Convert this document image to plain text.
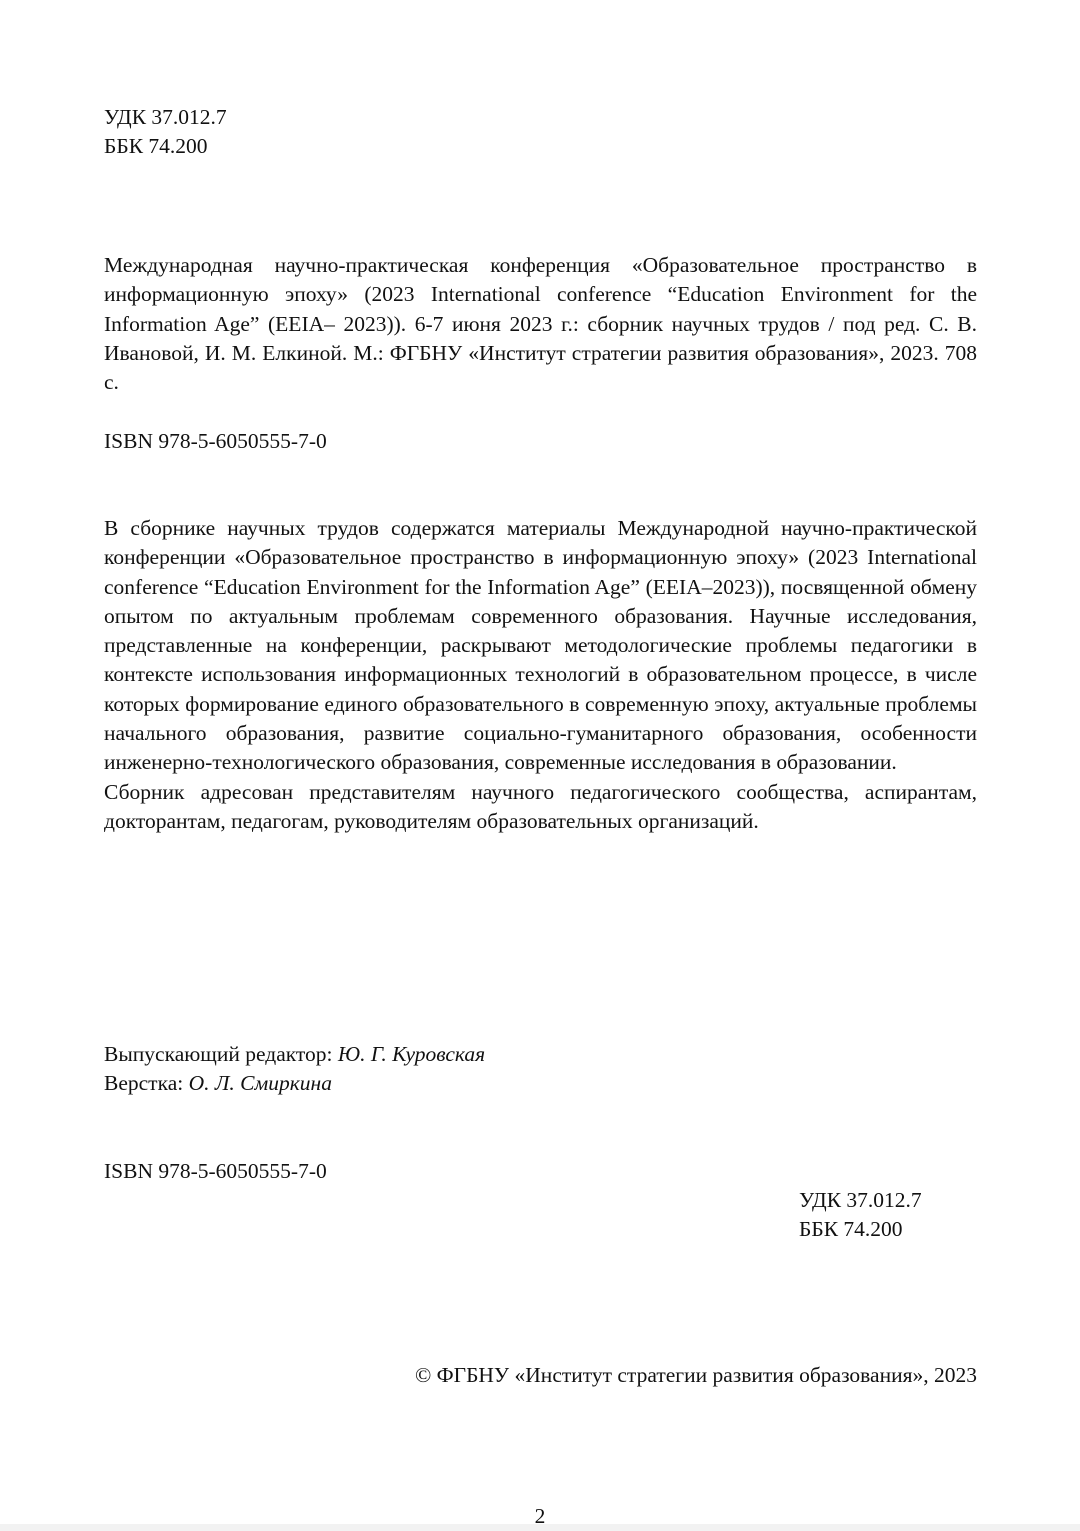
УДК 37.012.7
ББК 74.200

Международная научно-практическая конференция «Образовательное пространство в информационную эпоху» (2023 International conference “Education Environment for the Information Age” (EEIA– 2023)). 6-7 июня 2023 г.: сборник научных трудов / под ред. С. В. Ивановой, И. М. Елкиной. М.: ФГБНУ «Институт стратегии развития образования», 2023. 708 с.

ISBN 978-5-6050555-7-0

В сборнике научных трудов содержатся материалы Международной научно-практической конференции «Образовательное пространство в информационную эпоху» (2023 International conference “Education Environment for the Information Age” (EEIA–2023)), посвященной обмену опытом по актуальным проблемам современного образования. Научные исследования, представленные на конференции, раскрывают методологические проблемы педагогики в контексте использования информационных технологий в образовательном процессе, в числе которых формирование единого образовательного в современную эпоху, актуальные проблемы начального образования, развитие социально-гуманитарного образования, особенности инженерно-технологического образования, современные исследования в образовании.

Сборник адресован представителям научного педагогического сообщества, аспирантам, докторантам, педагогам, руководителям образовательных организаций.

Выпускающий редактор: Ю. Г. Куровская
Верстка: О. Л. Смиркина

ISBN 978-5-6050555-7-0

УДК 37.012.7
ББК 74.200

© ФГБНУ «Институт стратегии развития образования», 2023

2
